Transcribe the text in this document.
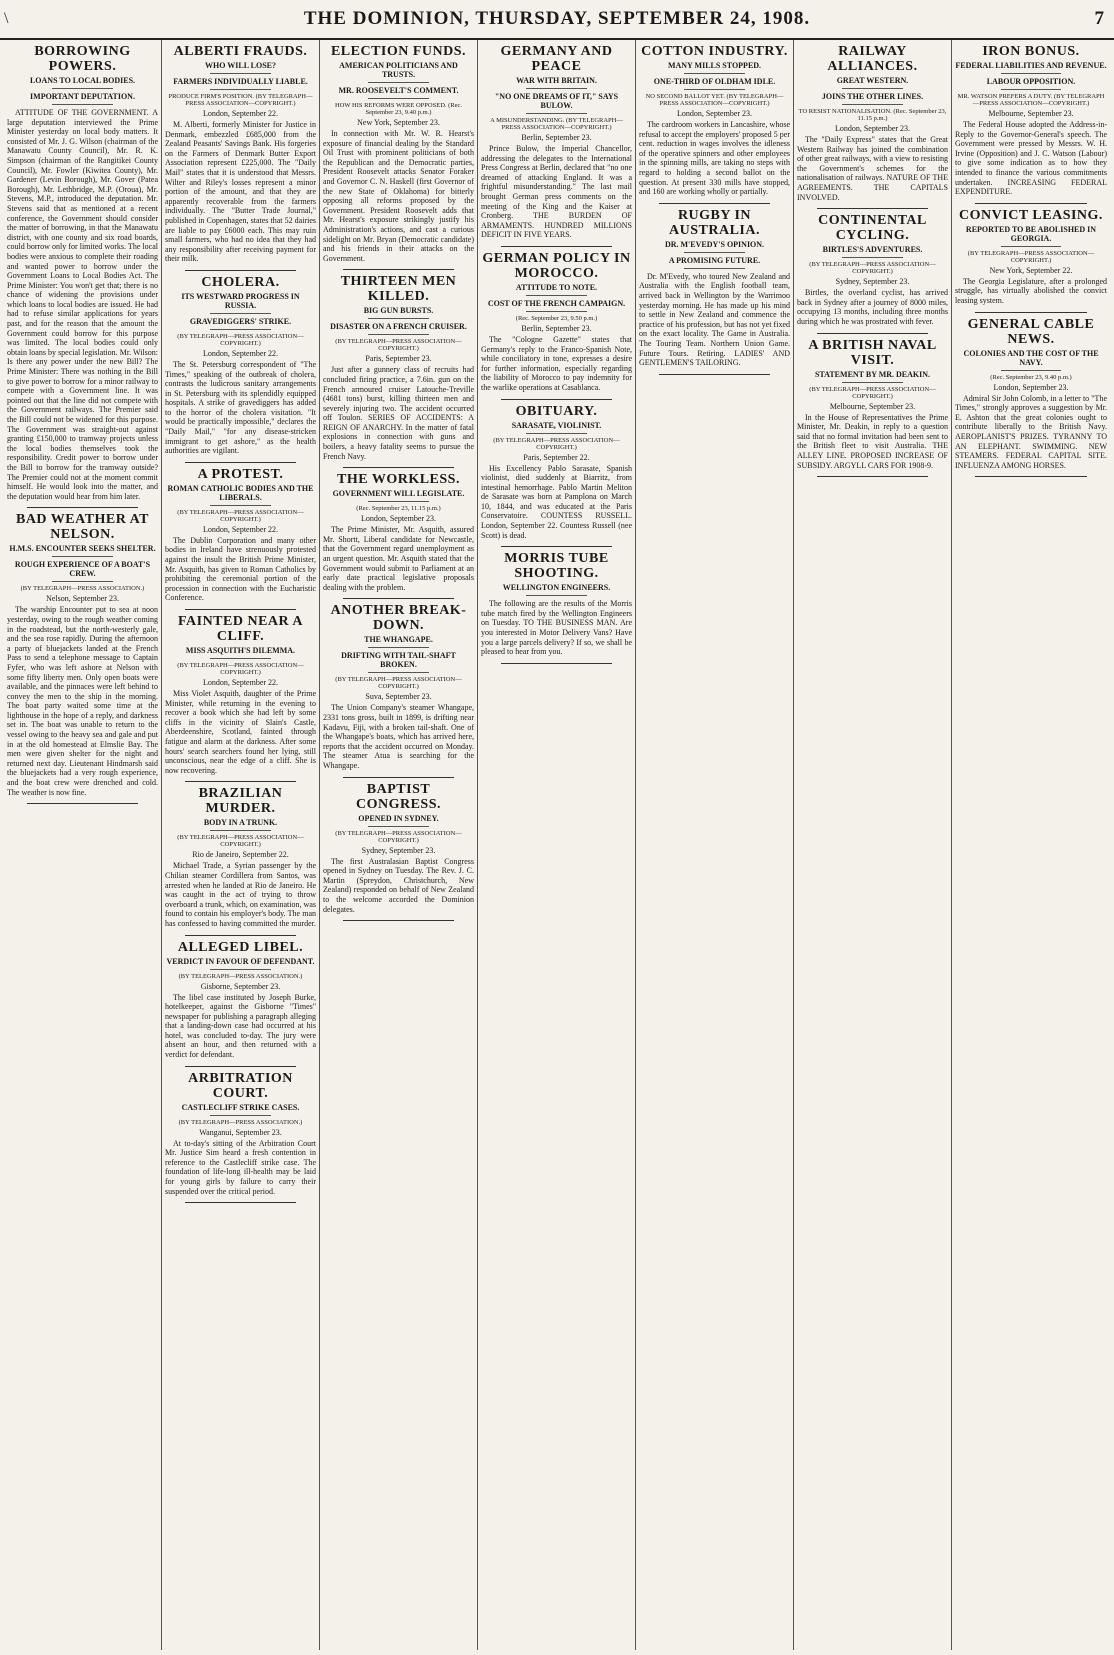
\	THE DOMINION, THURSDAY, SEPTEMBER 24, 1908.	7
BORROWING POWERS.
LOANS TO LOCAL BODIES.
IMPORTANT DEPUTATION.

ATTITUDE OF THE GOVERNMENT. A large deputation interviewed the Prime Minister yesterday on local body matters. It consisted of Mr. J. G. Wilson (chairman of the Manawatu County Council), Mr. R. K. Simpson (chairman of the Rangitikei County Council), Mr. Fowler (Kiwitea County), Mr. Gardener (Levin Borough), Mr. Gover (Patea Borough), Mr. Lethbridge, M.P. (Oroua), Mr. Stevens, M.P., introduced the deputation. Mr. Stevens said that as mentioned at a recent conference, the Government should consider the matter of borrowing, in that the Manawatu district, with one county and six road boards, could borrow only for limited works. The local bodies were anxious to complete their roading and wanted power to borrow under the Government Loans to Local Bodies Act. The Prime Minister: You won't get that; there is no chance of widening the provisions under which loans to local bodies are issued. He had had to refuse similar applications for years past, and for the reason that the amount the Government could borrow for this purpose was limited. The local bodies could only obtain loans by special legislation. Mr. Wilson: Is there any power under the new Bill? The Prime Minister: There was nothing in the Bill to give power to borrow for a minor railway to compete with a Government line. It was pointed out that the line did not compete with the Government railways. The Premier said the Bill could not be widened for this purpose. The Government was straight-out against granting £150,000 to tramway projects unless the local bodies themselves took the responsibility. Credit power to borrow under the Bill to borrow for the tramway outside? The Premier could not at the moment commit himself. He would look into the matter, and the deputation would hear from him later.

BAD WEATHER AT NELSON.
H.M.S. ENCOUNTER SEEKS SHELTER.
ROUGH EXPERIENCE OF A BOAT'S CREW.
(BY TELEGRAPH—PRESS ASSOCIATION.)
Nelson, September 23.

The warship Encounter put to sea at noon yesterday, owing to the rough weather coming in the roadstead, but the north-westerly gale, and the sea rose rapidly. During the afternoon a party of bluejackets landed at the French Pass to send a telephone message to Captain Fyfer, who was left ashore at Nelson with some fifty liberty men. Only open boats were available, and the pinnaces were left behind to convey the men to the ship in the morning. The boat party waited some time at the lighthouse in the hope of a reply, and darkness set in. The boat was unable to return to the vessel owing to the heavy sea and gale and put in at the old homestead at Elmslie Bay. The men were given shelter for the night and returned next day. Lieutenant Hindmarsh said the bluejackets had a very rough experience, and the boat crew were drenched and cold. The weather is now fine.

ALBERTI FRAUDS.
WHO WILL LOSE?
FARMERS INDIVIDUALLY LIABLE.
PRODUCE FIRM'S POSITION. (BY TELEGRAPH—PRESS ASSOCIATION—COPYRIGHT.)
London, September 22.

M. Alberti, formerly Minister for Justice in Denmark, embezzled £685,000 from the Zealand Peasants' Savings Bank. His forgeries on the Farmers of Denmark Butter Export Association represent £225,000. The "Daily Mail" states that it is understood that Messrs. Wilter and Riley's losses represent a minor portion of the amount, and that they are apparently recoverable from the farmers individually. The "Butter Trade Journal," published in Copenhagen, states that 52 dairies are liable to pay £6000 each. This may ruin small farmers, who had no idea that they had any responsibility after receiving payment for their milk.

CHOLERA.
ITS WESTWARD PROGRESS IN RUSSIA.
GRAVEDIGGERS' STRIKE.
(BY TELEGRAPH—PRESS ASSOCIATION—COPYRIGHT.)
London, September 22.

The St. Petersburg correspondent of "The Times," speaking of the outbreak of cholera, contrasts the ludicrous sanitary arrangements in St. Petersburg with its splendidly equipped hospitals. A strike of gravediggers has added to the horror of the cholera visitation. "It would be practically impossible," declares the "Daily Mail," "for any disease-stricken immigrant to get ashore," as the health authorities are vigilant.

A PROTEST.
ROMAN CATHOLIC BODIES AND THE LIBERALS.
(BY TELEGRAPH—PRESS ASSOCIATION—COPYRIGHT.)
London, September 22.

The Dublin Corporation and many other bodies in Ireland have strenuously protested against the insult the British Prime Minister, Mr. Asquith, has given to Roman Catholics by prohibiting the ceremonial portion of the procession in connection with the Eucharistic Conference.

FAINTED NEAR A CLIFF.
MISS ASQUITH'S DILEMMA.
(BY TELEGRAPH—PRESS ASSOCIATION—COPYRIGHT.)
London, September 22.

Miss Violet Asquith, daughter of the Prime Minister, while returning in the evening to recover a book which she had left by some cliffs in the vicinity of Slain's Castle, Aberdeenshire, Scotland, fainted through fatigue and alarm at the darkness. After some hours' search searchers found her lying, still unconscious, near the edge of a cliff. She is now recovering.

BRAZILIAN MURDER.
BODY IN A TRUNK.
(BY TELEGRAPH—PRESS ASSOCIATION—COPYRIGHT.)
Rio de Janeiro, September 22.

Michael Trade, a Syrian passenger by the Chilian steamer Cordillera from Santos, was arrested when he landed at Rio de Janeiro. He was caught in the act of trying to throw overboard a trunk, which, on examination, was found to contain his employer's body. The man has confessed to having committed the murder.

ALLEGED LIBEL.
VERDICT IN FAVOUR OF DEFENDANT.
(BY TELEGRAPH—PRESS ASSOCIATION.)
Gisborne, September 23.

The libel case instituted by Joseph Burke, hotelkeeper, against the Gisborne "Times" newspaper for publishing a paragraph alleging that a landing-down case had occurred at his hotel, was concluded to-day. The jury were absent an hour, and then returned with a verdict for defendant.

ARBITRATION COURT.
CASTLECLIFF STRIKE CASES.
(BY TELEGRAPH—PRESS ASSOCIATION.)
Wanganui, September 23.

At to-day's sitting of the Arbitration Court Mr. Justice Sim heard a fresh contention in reference to the Castlecliff strike case. The foundation of life-long ill-health may be laid for young girls by failure to carry their suspended over the critical period.

ELECTION FUNDS.
AMERICAN POLITICIANS AND TRUSTS.
MR. ROOSEVELT'S COMMENT.
HOW HIS REFORMS WERE OPPOSED. (Rec. September 23, 9.40 p.m.)
New York, September 23.

In connection with Mr. W. R. Hearst's exposure of financial dealing by the Standard Oil Trust with prominent politicians of both the Republican and the Democratic parties, President Roosevelt attacks Senator Foraker and Governor C. N. Haskell (first Governor of the new State of Oklahoma) for bitterly opposing all reforms proposed by the Government. President Roosevelt adds that Mr. Hearst's exposure strikingly justify his Administration's actions, and cast a curious sidelight on Mr. Bryan (Democratic candidate) and his friends in their attacks on the Government.

THIRTEEN MEN KILLED.
BIG GUN BURSTS.
DISASTER ON A FRENCH CRUISER.
(BY TELEGRAPH—PRESS ASSOCIATION—COPYRIGHT.)
Paris, September 23.

Just after a gunnery class of recruits had concluded firing practice, a 7.6in. gun on the French armoured cruiser Latouche-Treville (4681 tons) burst, killing thirteen men and severely injuring two. The accident occurred off Toulon. SERIES OF ACCIDENTS: A REIGN OF ANARCHY. In the matter of fatal explosions in connection with guns and boilers, a heavy fatality seems to pursue the French Navy.

THE WORKLESS.
GOVERNMENT WILL LEGISLATE.
(Rec. September 23, 11.15 p.m.)
London, September 23.

The Prime Minister, Mr. Asquith, assured Mr. Shortt, Liberal candidate for Newcastle, that the Government regard unemployment as an urgent question. Mr. Asquith stated that the Government would submit to Parliament at an early date practical legislative proposals dealing with the problem.

ANOTHER BREAK-DOWN.
THE WHANGAPE.
DRIFTING WITH TAIL-SHAFT BROKEN.
(BY TELEGRAPH—PRESS ASSOCIATION—COPYRIGHT.)
Suva, September 23.

The Union Company's steamer Whangape, 2331 tons gross, built in 1899, is drifting near Kadavu, Fiji, with a broken tail-shaft. One of the Whangape's boats, which has arrived here, reports that the accident occurred on Monday. The steamer Atua is searching for the Whangape.

BAPTIST CONGRESS.
OPENED IN SYDNEY.
(BY TELEGRAPH—PRESS ASSOCIATION—COPYRIGHT.)
Sydney, September 23.

The first Australasian Baptist Congress opened in Sydney on Tuesday. The Rev. J. C. Martin (Spreydon, Christchurch, New Zealand) responded on behalf of New Zealand to the welcome accorded the Dominion delegates.

GERMANY AND PEACE
WAR WITH BRITAIN.
"NO ONE DREAMS OF IT," SAYS BULOW.
A MISUNDERSTANDING. (BY TELEGRAPH—PRESS ASSOCIATION—COPYRIGHT.)
Berlin, September 23.

Prince Bulow, the Imperial Chancellor, addressing the delegates to the International Press Congress at Berlin, declared that "no one dreamed of attacking England. It was a frightful misunderstanding." The last mail brought German press comments on the meeting of the King and the Kaiser at Cronberg. THE BURDEN OF ARMAMENTS. HUNDRED MILLIONS DEFICIT IN FIVE YEARS.

GERMAN POLICY IN MOROCCO.
ATTITUDE TO NOTE.
COST OF THE FRENCH CAMPAIGN.
(Rec. September 23, 9.50 p.m.)
Berlin, September 23.

The "Cologne Gazette" states that Germany's reply to the Franco-Spanish Note, while conciliatory in tone, expresses a desire for further information, especially regarding the liability of Morocco to pay indemnity for the warlike operations at Casablanca.

OBITUARY.
SARASATE, VIOLINIST.
(BY TELEGRAPH—PRESS ASSOCIATION—COPYRIGHT.)
Paris, September 22.

His Excellency Pablo Sarasate, Spanish violinist, died suddenly at Biarritz, from intestinal hemorrhage. Pablo Martin Meliton de Sarasate was born at Pamplona on March 10, 1844, and was educated at the Paris Conservatoire. COUNTESS RUSSELL. London, September 22. Countess Russell (nee Scott) is dead.

MORRIS TUBE SHOOTING.
WELLINGTON ENGINEERS.

The following are the results of the Morris tube match fired by the Wellington Engineers on Tuesday. TO THE BUSINESS MAN. Are you interested in Motor Delivery Vans? Have you a large parcels delivery? If so, we shall be pleased to hear from you.

COTTON INDUSTRY.
MANY MILLS STOPPED.
ONE-THIRD OF OLDHAM IDLE.
NO SECOND BALLOT YET. (BY TELEGRAPH—PRESS ASSOCIATION—COPYRIGHT.)
London, September 23.

The cardroom workers in Lancashire, whose refusal to accept the employers' proposed 5 per cent. reduction in wages involves the idleness of the operative spinners and other employees in the spinning mills, are taking no steps with regard to holding a second ballot on the question. At present 330 mills have stopped, and 160 are working wholly or partially.

RUGBY IN AUSTRALIA.
DR. M'EVEDY'S OPINION.
A PROMISING FUTURE.

Dr. M'Evedy, who toured New Zealand and Australia with the English football team, arrived back in Wellington by the Warrimoo yesterday morning. He has made up his mind to settle in New Zealand and commence the practice of his profession, but has not yet fixed on the exact locality. The Game in Australia. The Touring Team. Northern Union Game. Future Tours. Retiring. LADIES' AND GENTLEMEN'S TAILORING.

RAILWAY ALLIANCES.
GREAT WESTERN.
JOINS THE OTHER LINES.
TO RESIST NATIONALISATION. (Rec. September 23, 11.15 p.m.)
London, September 23.

The "Daily Express" states that the Great Western Railway has joined the combination of other great railways, with a view to resisting the Government's schemes for the nationalisation of railways. NATURE OF THE AGREEMENTS. THE CAPITALS INVOLVED.

CONTINENTAL CYCLING.
BIRTLES'S ADVENTURES.
(BY TELEGRAPH—PRESS ASSOCIATION—COPYRIGHT.)
Sydney, September 23.

Birtles, the overland cyclist, has arrived back in Sydney after a journey of 8000 miles, occupying 13 months, including three months during which he was prostrated with fever.

A BRITISH NAVAL VISIT.
STATEMENT BY MR. DEAKIN.
(BY TELEGRAPH—PRESS ASSOCIATION—COPYRIGHT.)
Melbourne, September 23.

In the House of Representatives the Prime Minister, Mr. Deakin, in reply to a question said that no formal invitation had been sent to the British fleet to visit Australia. THE ALLEY LINE. PROPOSED INCREASE OF SUBSIDY. ARGYLL CARS FOR 1908-9.

IRON BONUS.
FEDERAL LIABILITIES AND REVENUE.
LABOUR OPPOSITION.
MR. WATSON PREFERS A DUTY. (BY TELEGRAPH—PRESS ASSOCIATION—COPYRIGHT.)
Melbourne, September 23.

The Federal House adopted the Address-in-Reply to the Governor-General's speech. The Government were pressed by Messrs. W. H. Irvine (Opposition) and J. C. Watson (Labour) to give some indication as to how they intended to finance the various commitments undertaken. INCREASING FEDERAL EXPENDITURE.

CONVICT LEASING.
REPORTED TO BE ABOLISHED IN GEORGIA.
(BY TELEGRAPH—PRESS ASSOCIATION—COPYRIGHT.)
New York, September 22.

The Georgia Legislature, after a prolonged struggle, has virtually abolished the convict leasing system.

GENERAL CABLE NEWS.
COLONIES AND THE COST OF THE NAVY.
(Rec. September 23, 9.40 p.m.)
London, September 23.

Admiral Sir John Colomb, in a letter to "The Times," strongly approves a suggestion by Mr. E. Ashton that the great colonies ought to contribute liberally to the British Navy. AEROPLANIST'S PRIZES. TYRANNY TO AN ELEPHANT. SWIMMING. NEW STEAMERS. FEDERAL CAPITAL SITE. INFLUENZA AMONG HORSES.
